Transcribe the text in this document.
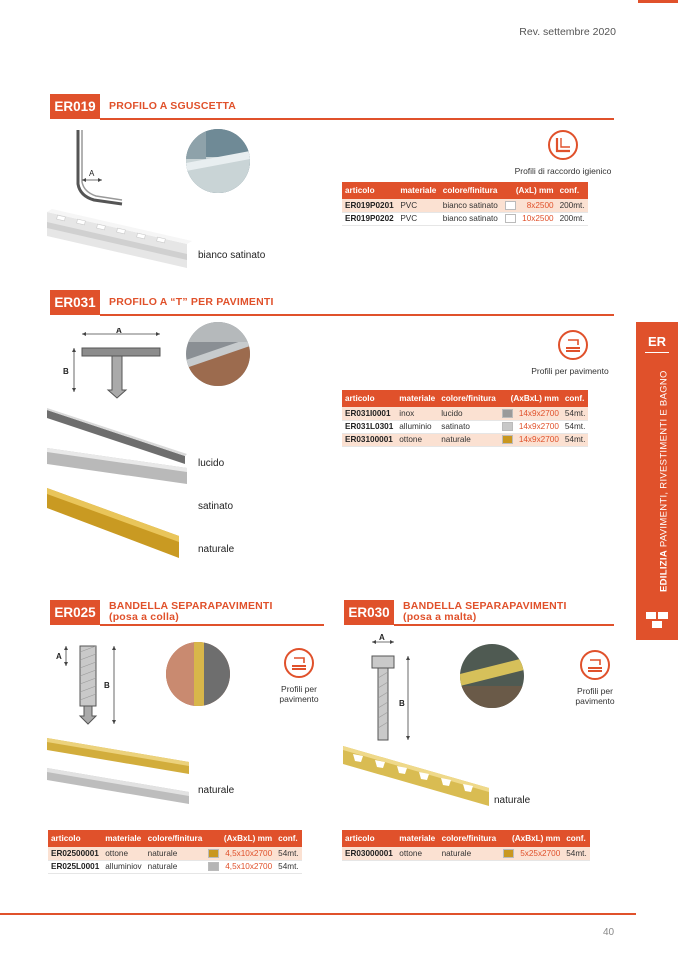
Rev. settembre 2020
ER019	PROFILO A SGUSCETTA
A
bianco satinato
Profili di raccordo igienico
articolo	materiale	colore/finitura	(AxL) mm		conf.
ER019P0201	PVC	bianco satinato		8x2500	200mt.
ER019P0202	PVC	bianco satinato		10x2500	200mt.
ER031	PROFILO A “T” PER PAVIMENTI
A
B
lucido
satinato
naturale
Profili per pavimento
articolo	materiale	colore/finitura	(AxBxL) mm		conf.
ER031I0001	inox	lucido		14x9x2700	54mt.
ER031L0301	alluminio	satinato		14x9x2700	54mt.
ER03100001	ottone	naturale		14x9x2700	54mt.
ER025	BANDELLA SEPARAPAVIMENTI
(posa a colla)
A
B	Profili per
pavimento
naturale
articolo	materiale	colore/finitura	(AxBxL) mm		conf.
ER02500001	ottone	naturale		4,5x10x2700	54mt.
ER025L0001	alluminiov	naturale		4,5x10x2700	54mt.
ER030	BANDELLA SEPARAPAVIMENTI
(posa a malta)
A
B
Profili per
pavimento
naturale
articolo	materiale	colore/finitura	(AxBxL) mm		conf.
ER03000001	ottone	naturale		5x25x2700	54mt.
ER
EDILIZIA PAVIMENTI, RIVESTIMENTI E BAGNO
40
